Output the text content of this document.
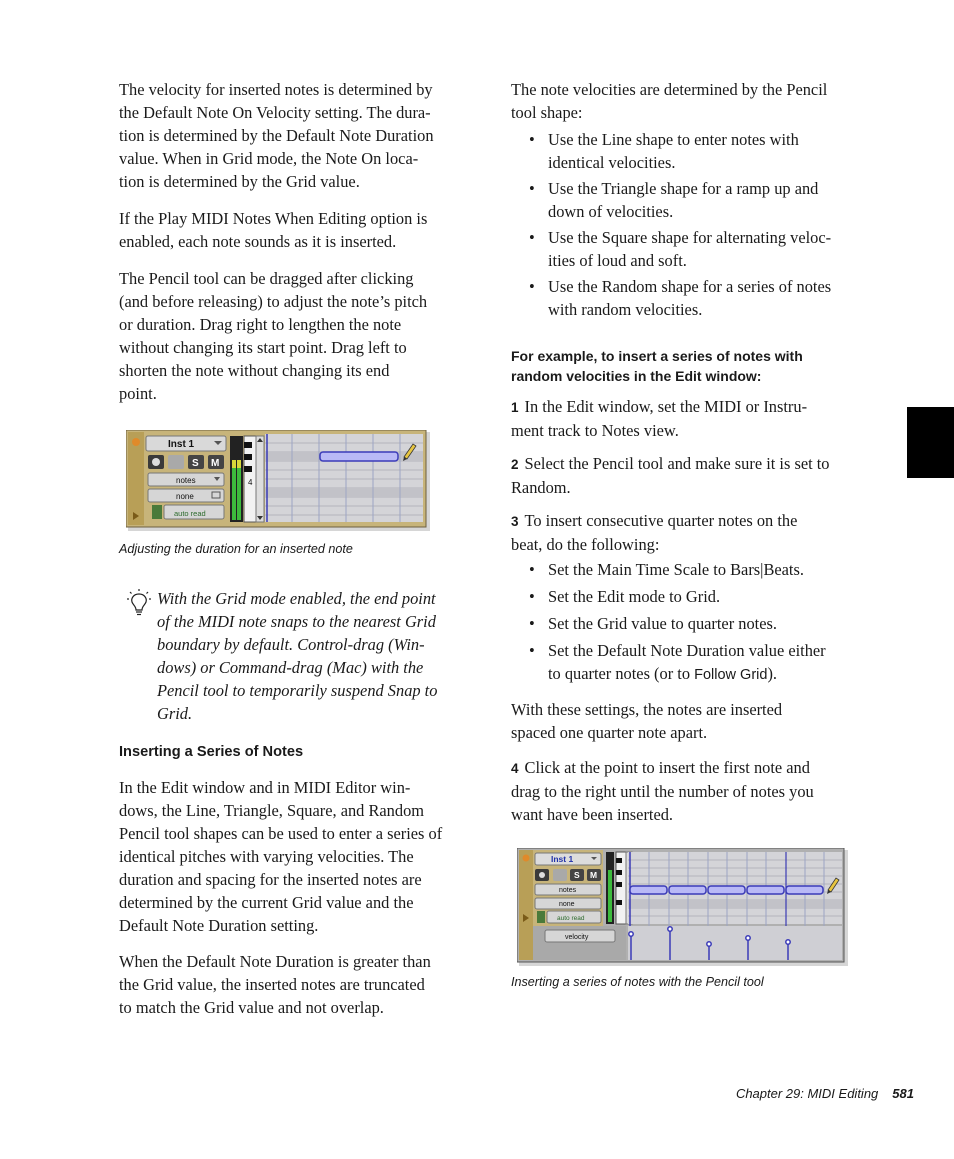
The velocity for inserted notes is determined by
the Default Note On Velocity setting. The dura-
tion is determined by the Default Note Duration
value. When in Grid mode, the Note On loca-
tion is determined by the Grid value.
If the Play MIDI Notes When Editing option is
enabled, each note sounds as it is inserted.
The Pencil tool can be dragged after clicking
(and before releasing) to adjust the note’s pitch
or duration. Drag right to lengthen the note
without changing its start point. Drag left to
shorten the note without changing its end
point.
Inst 1
S M
notes
none
auto read
4
Adjusting the duration for an inserted note
With the Grid mode enabled, the end point
of the MIDI note snaps to the nearest Grid
boundary by default. Control-drag (Win-
dows) or Command-drag (Mac) with the
Pencil tool to temporarily suspend Snap to
Grid.
Inserting a Series of Notes
In the Edit window and in MIDI Editor win-
dows, the Line, Triangle, Square, and Random
Pencil tool shapes can be used to enter a series of
identical pitches with varying velocities. The
duration and spacing for the inserted notes are
determined by the current Grid value and the
Default Note Duration setting.
When the Default Note Duration is greater than
the Grid value, the inserted notes are truncated
to match the Grid value and not overlap.
The note velocities are determined by the Pencil
tool shape:
• Use the Line shape to enter notes with
identical velocities.
• Use the Triangle shape for a ramp up and
down of velocities.
• Use the Square shape for alternating veloc-
ities of loud and soft.
• Use the Random shape for a series of notes
with random velocities.
For example, to insert a series of notes with
random velocities in the Edit window:
1 In the Edit window, set the MIDI or Instru-
ment track to Notes view.
2 Select the Pencil tool and make sure it is set to
Random.
3 To insert consecutive quarter notes on the
beat, do the following:
• Set the Main Time Scale to Bars|Beats.
• Set the Edit mode to Grid.
• Set the Grid value to quarter notes.
• Set the Default Note Duration value either
to quarter notes (or to Follow Grid).
With these settings, the notes are inserted
spaced one quarter note apart.
4 Click at the point to insert the first note and
drag to the right until the number of notes you
want have been inserted.
Inst 1
S M
notes
none
auto read
velocity
Inserting a series of notes with the Pencil tool
Chapter 29: MIDI Editing 581
